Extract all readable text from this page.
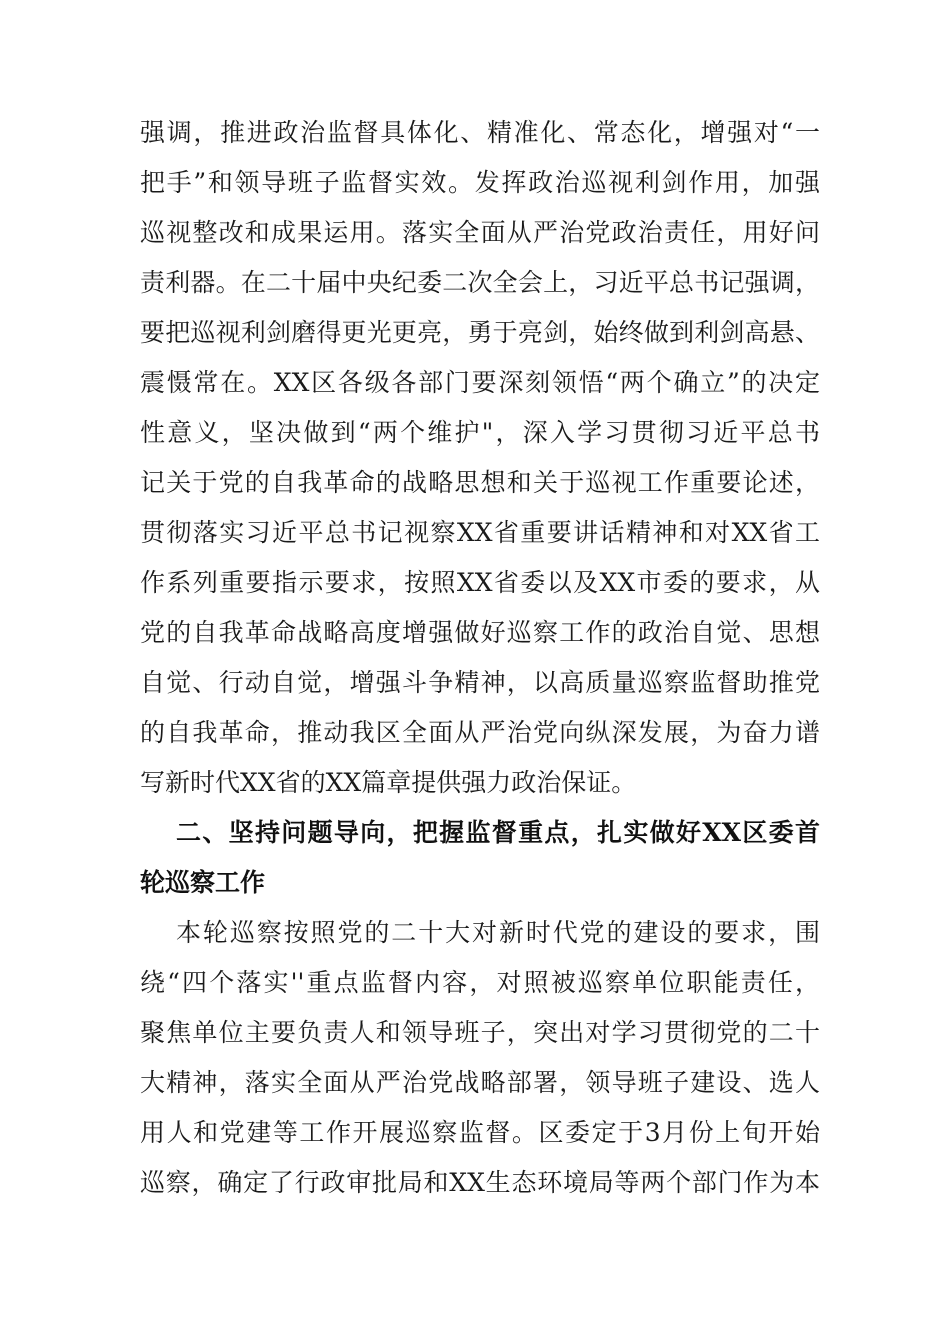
强调，推进政治监督具体化、精准化、常态化，增强对“一
把手”和领导班子监督实效。发挥政治巡视利剑作用，加强
巡视整改和成果运用。落实全面从严治党政治责任，用好问
责利器。在二十届中央纪委二次全会上，习近平总书记强调，
要把巡视利剑磨得更光更亮，勇于亮剑，始终做到利剑高悬、
震慑常在。XX区各级各部门要深刻领悟“两个确立”的决定
性意义，坚决做到“两个维护"，深入学习贯彻习近平总书
记关于党的自我革命的战略思想和关于巡视工作重要论述，
贯彻落实习近平总书记视察XX省重要讲话精神和对XX省工
作系列重要指示要求，按照XX省委以及XX市委的要求，从
党的自我革命战略高度增强做好巡察工作的政治自觉、思想
自觉、行动自觉，增强斗争精神，以高质量巡察监督助推党
的自我革命，推动我区全面从严治党向纵深发展，为奋力谱
写新时代XX省的XX篇章提供强力政治保证。
二、坚持问题导向，把握监督重点，扎实做好XX区委首
轮巡察工作
本轮巡察按照党的二十大对新时代党的建设的要求，围
绕“四个落实''重点监督内容，对照被巡察单位职能责任，
聚焦单位主要负责人和领导班子，突出对学习贯彻党的二十
大精神，落实全面从严治党战略部署，领导班子建设、选人
用人和党建等工作开展巡察监督。区委定于3月份上旬开始
巡察，确定了行政审批局和XX生态环境局等两个部门作为本
